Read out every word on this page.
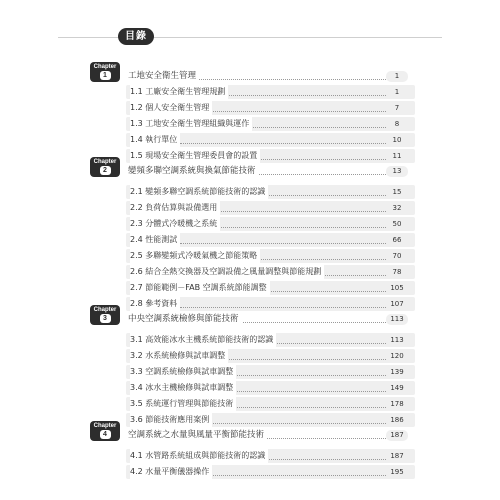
目錄
Chapter
1	工地安全衛生管理	1
1.1 工廠安全衛生管理規劃	1
1.2 個人安全衛生管理	7
1.3 工地安全衛生管理組織與運作	8
1.4 執行單位	10
1.5 現場安全衛生管理委員會的設置	11
Chapter
2	變頻多聯空調系統與換氣節能技術	13
2.1 變頻多聯空調系統節能技術的認識	15
2.2 負荷估算與設備選用	32
2.3 分體式冷暖機之系統	50
2.4 性能測試	66
2.5 多聯變頻式冷暖氣機之節能策略	70
2.6 結合全熱交換器及空調設備之風量調整與節能規劃	78
2.7 節能範例－FAB 空調系統節能調整	105
2.8 參考資料	107
Chapter
3	中央空調系統檢修與節能技術	113
3.1 高效能冰水主機系統節能技術的認識	113
3.2 水系統檢修與試車調整	120
3.3 空調系統檢修與試車調整	139
3.4 冰水主機檢修與試車調整	149
3.5 系統運行管理與節能技術	178
3.6 節能技術應用案例	186
Chapter
4	空調系統之水量與風量平衡節能技術	187
4.1 水管路系統組成與節能技術的認識	187
4.2 水量平衡儀器操作	195
